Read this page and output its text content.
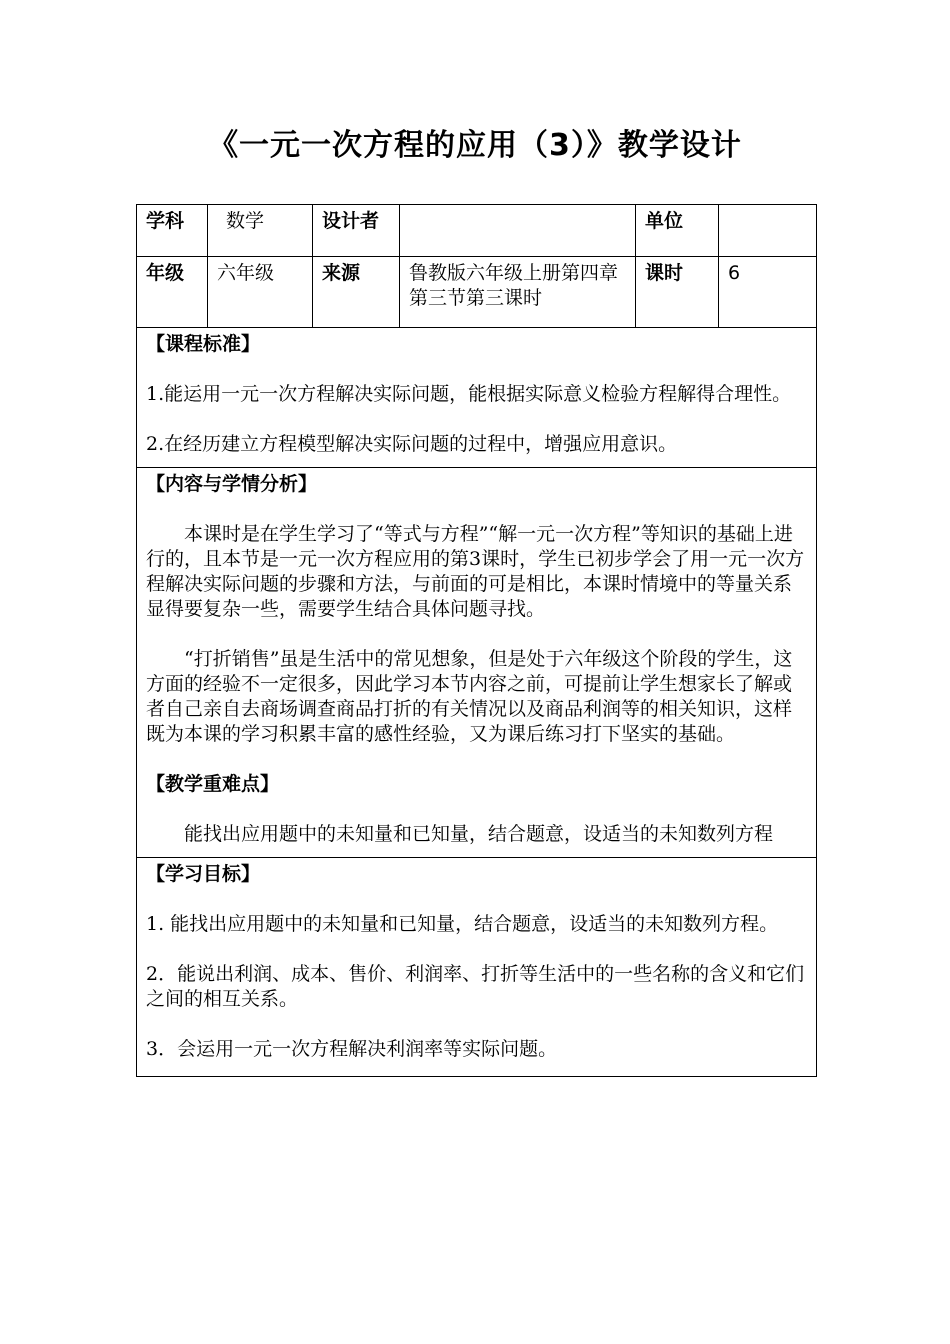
《一元一次方程的应用（3）》教学设计
学科	数学	设计者		单位	
年级	六年级	来源	鲁教版六年级上册第四章 第三节第三课时	课时	6

【课程标准】

1.能运用一元一次方程解决实际问题，能根据实际意义检验方程解得合理性。

2.在经历建立方程模型解决实际问题的过程中，增强应用意识。					

【内容与学情分析】

本课时是在学生学习了“等式与方程”“解一元一次方程”等知识的基础上进行的，且本节是一元一次方程应用的第3课时，学生已初步学会了用一元一次方程解决实际问题的步骤和方法，与前面的可是相比，本课时情境中的等量关系显得要复杂一些，需要学生结合具体问题寻找。

“打折销售”虽是生活中的常见想象，但是处于六年级这个阶段的学生，这方面的经验不一定很多，因此学习本节内容之前，可提前让学生想家长了解或者自己亲自去商场调查商品打折的有关情况以及商品利润等的相关知识，这样既为本课的学习积累丰富的感性经验，又为课后练习打下坚实的基础。

【教学重难点】

能找出应用题中的未知量和已知量，结合题意，设适当的未知数列方程					

【学习目标】

1. 能找出应用题中的未知量和已知量，结合题意，设适当的未知数列方程。

2．能说出利润、成本、售价、利润率、打折等生活中的一些名称的含义和它们之间的相互关系。

3．会运用一元一次方程解决利润率等实际问题。					
